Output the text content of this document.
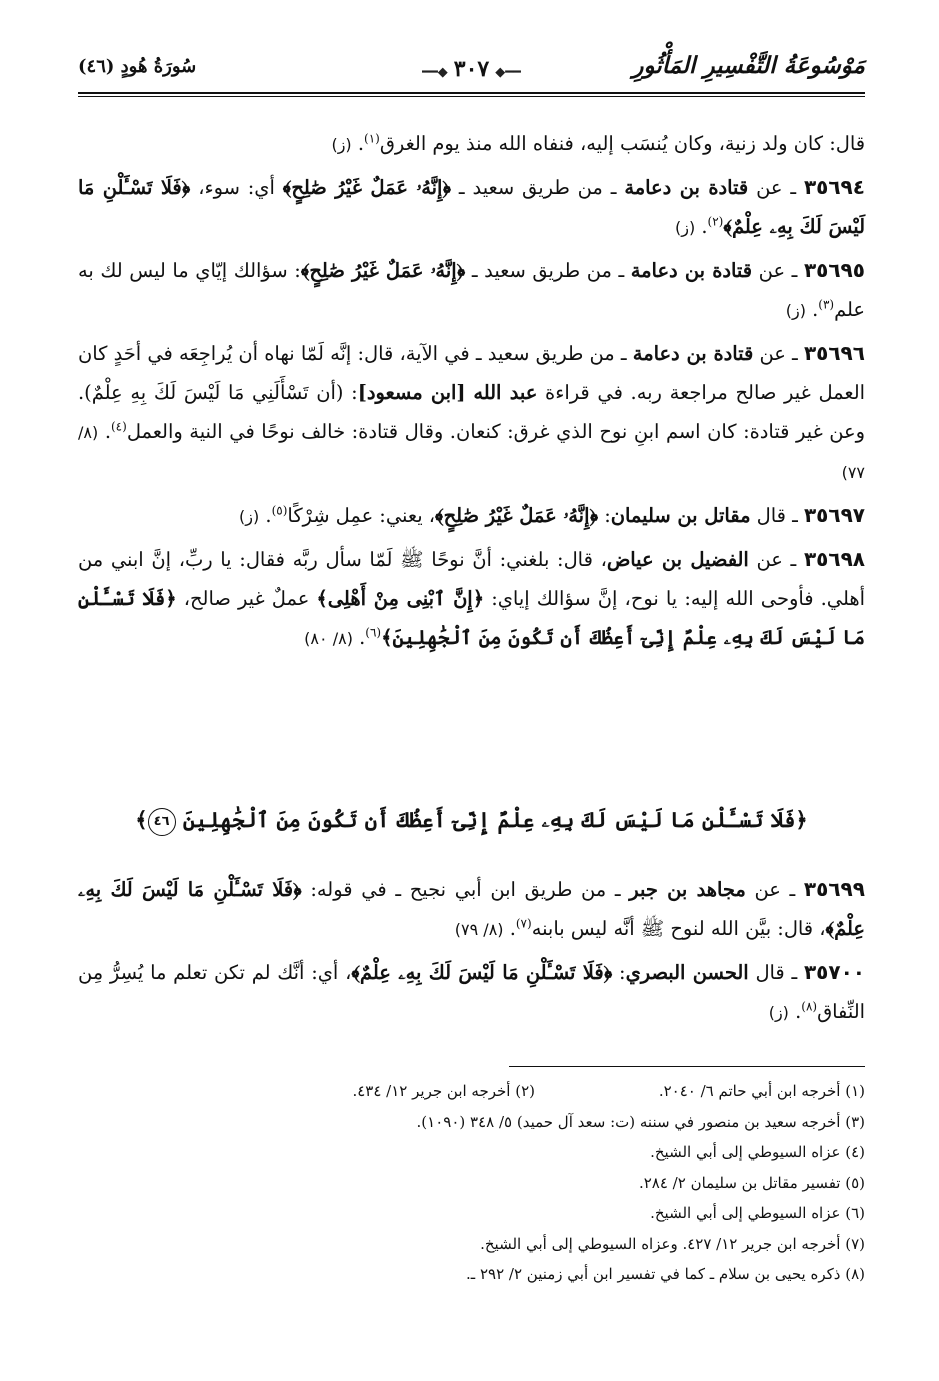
مَوْسُوعَةُ التَّفْسِيرِ المَأْثُورِ
━━◆٣٠٧◆━━
سُورَةُ هُودٍ (٤٦)

قال: كان ولد زنية، وكان يُنسَب إليه، فنفاه الله منذ يوم الغرق$^{(١)}$. (ز)

٣٥٦٩٤ ـ عن قتادة بن دعامة ـ من طريق سعيد ـ ﴿إِنَّهُۥ عَمَلٌ غَيْرُ صَٰلِحٍ﴾ أي: سوء، ﴿فَلَا تَسْـَٔلْنِ مَا لَيْسَ لَكَ بِهِۦ عِلْمٌ﴾$^{(٢)}$. (ز)

٣٥٦٩٥ ـ عن قتادة بن دعامة ـ من طريق سعيد ـ ﴿إِنَّهُۥ عَمَلٌ غَيْرُ صَٰلِحٍ﴾: سؤالك إيّاي ما ليس لك به علم$^{(٣)}$. (ز)

٣٥٦٩٦ ـ عن قتادة بن دعامة ـ من طريق سعيد ـ في الآية، قال: إنَّه لَمّا نهاه أن يُراجِعَه في أحَدٍ كان العمل غير صالح مراجعة ربه. في قراءة عبد الله [ابن مسعود]: (أن تَسْأَلَنِي مَا لَيْسَ لَكَ بِهِ عِلْمٌ). وعن غير قتادة: كان اسم ابنِ نوح الذي غرق: كنعان. وقال قتادة: خالف نوحًا في النية والعمل$^{(٤)}$. (٨/ ٧٧)

٣٥٦٩٧ ـ قال مقاتل بن سليمان: ﴿إِنَّهُۥ عَمَلٌ غَيْرُ صَٰلِحٍ﴾، يعني: عمِل شِرْكًا$^{(٥)}$. (ز)

٣٥٦٩٨ ـ عن الفضيل بن عياض، قال: بلغني: أنَّ نوحًا ﷺ لَمّا سأل ربَّه فقال: يا ربِّ، إنَّ ابني من أهلي. فأوحى الله إليه: يا نوح، إنَّ سؤالك إياي: ﴿إِنَّ ٱبْنِى مِنْ أَهْلِى﴾ عملٌ غير صالح، ﴿فَلَا تَسْـَٔلْنِ مَا لَيْسَ لَكَ بِهِۦ عِلْمٌ إِنِّىٓ أَعِظُكَ أَن تَكُونَ مِنَ ٱلْجَٰهِلِينَ﴾$^{(٦)}$. (٨/ ٨٠)

﴿فَلَا تَسْـَٔلْنِ مَا لَيْسَ لَكَ بِهِۦ عِلْمٌ إِنِّىٓ أَعِظُكَ أَن تَكُونَ مِنَ ٱلْجَٰهِلِينَ ٤٦﴾

٣٥٦٩٩ ـ عن مجاهد بن جبر ـ من طريق ابن أبي نجيح ـ في قوله: ﴿فَلَا تَسْـَٔلْنِ مَا لَيْسَ لَكَ بِهِۦ عِلْمٌ﴾، قال: بيَّن الله لنوح ﷺ أنَّه ليس بابنه$^{(٧)}$. (٨/ ٧٩)

٣٥٧٠٠ ـ قال الحسن البصري: ﴿فَلَا تَسْـَٔلْنِ مَا لَيْسَ لَكَ بِهِۦ عِلْمٌ﴾، أي: أنَّك لم تكن تعلم ما يُسِرُّ مِن النِّفاق$^{(٨)}$. (ز)

(١) أخرجه ابن أبي حاتم ٦/ ٢٠٤٠.
(٢) أخرجه ابن جرير ١٢/ ٤٣٤.
(٣) أخرجه سعيد بن منصور في سننه (ت: سعد آل حميد) ٥/ ٣٤٨ (١٠٩٠).
(٤) عزاه السيوطي إلى أبي الشيخ.
(٥) تفسير مقاتل بن سليمان ٢/ ٢٨٤.
(٦) عزاه السيوطي إلى أبي الشيخ.
(٧) أخرجه ابن جرير ١٢/ ٤٢٧. وعزاه السيوطي إلى أبي الشيخ.
(٨) ذكره يحيى بن سلام ـ كما في تفسير ابن أبي زمنين ٢/ ٢٩٢ ـ.
